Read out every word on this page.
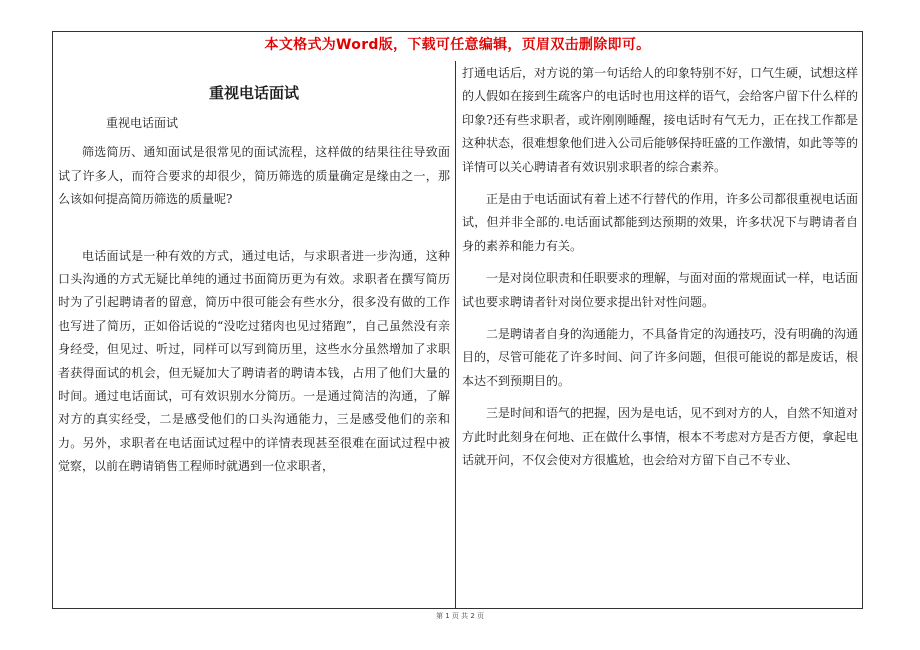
本文格式为Word版，下载可任意编辑，页眉双击删除即可。
重视电话面试

重视电话面试

筛选简历、通知面试是很常见的面试流程，这样做的结果往往导致面试了许多人，而符合要求的却很少，简历筛选的质量确定是缘由之一，那么该如何提高简历筛选的质量呢?

电话面试是一种有效的方式，通过电话，与求职者进一步沟通，这种口头沟通的方式无疑比单纯的通过书面简历更为有效。求职者在撰写简历时为了引起聘请者的留意，简历中很可能会有些水分，很多没有做的工作也写进了简历，正如俗话说的“没吃过猪肉也见过猪跑”，自己虽然没有亲身经受，但见过、听过，同样可以写到简历里，这些水分虽然增加了求职者获得面试的机会，但无疑加大了聘请者的聘请本钱，占用了他们大量的时间。通过电话面试，可有效识别水分简历。一是通过简洁的沟通，了解对方的真实经受，二是感受他们的口头沟通能力，三是感受他们的亲和力。另外，求职者在电话面试过程中的详情表现甚至很难在面试过程中被觉察，以前在聘请销售工程师时就遇到一位求职者，

打通电话后，对方说的第一句话给人的印象特别不好，口气生硬，试想这样的人假如在接到生疏客户的电话时也用这样的语气，会给客户留下什么样的印象?还有些求职者，或许刚刚睡醒，接电话时有气无力，正在找工作都是这种状态，很难想象他们进入公司后能够保持旺盛的工作激情，如此等等的详情可以关心聘请者有效识别求职者的综合素养。

正是由于电话面试有着上述不行替代的作用，许多公司都很重视电话面试，但并非全部的.电话面试都能到达预期的效果，许多状况下与聘请者自身的素养和能力有关。

一是对岗位职责和任职要求的理解，与面对面的常规面试一样，电话面试也要求聘请者针对岗位要求提出针对性问题。

二是聘请者自身的沟通能力，不具备肯定的沟通技巧，没有明确的沟通目的，尽管可能花了许多时间、问了许多问题，但很可能说的都是废话，根本达不到预期目的。

三是时间和语气的把握，因为是电话，见不到对方的人，自然不知道对方此时此刻身在何地、正在做什么事情，根本不考虑对方是否方便，拿起电话就开问，不仅会使对方很尴尬，也会给对方留下自己不专业、

第 1 页 共 2 页
